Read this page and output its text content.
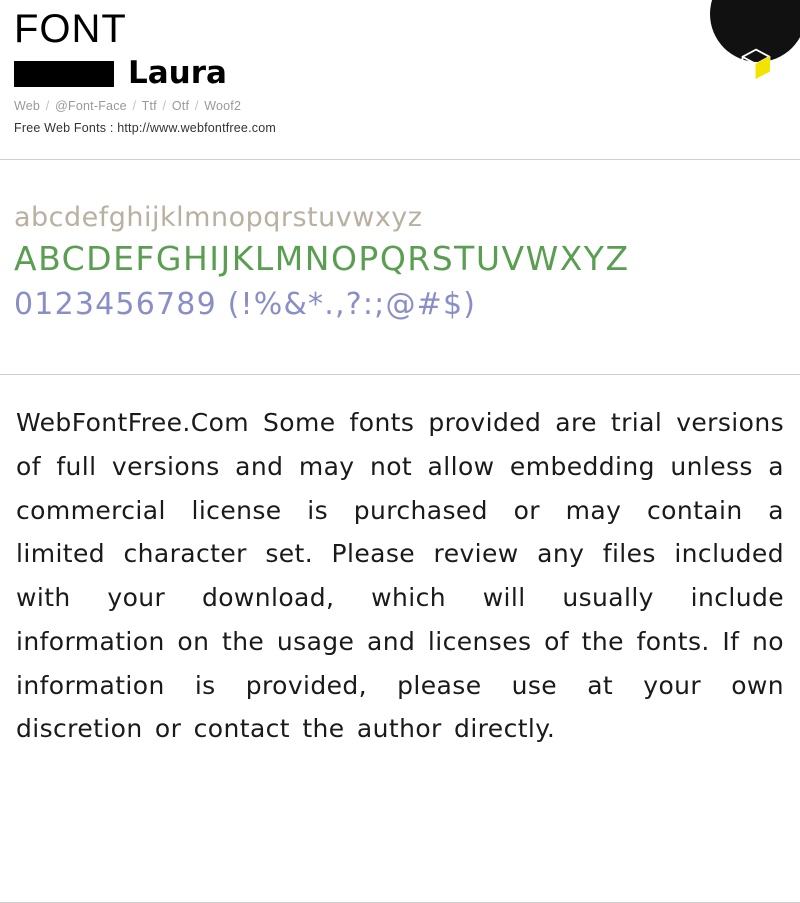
FONT
Laura
Web / @Font-Face / Ttf / Otf / Woof2
Free Web Fonts : http://www.webfontfree.com
abcdefghijklmnopqrstuvwxyz
ABCDEFGHIJKLMNOPQRSTUVWXYZ
0123456789 (!%&*.,?:;@#$)

WebFontFree.Com Some fonts provided are trial versions of full versions and may not allow embedding unless a commercial license is purchased or may contain a limited character set. Please review any files included with your download, which will usually include information on the usage and licenses of the fonts. If no information is provided, please use at your own discretion or contact the author directly.
